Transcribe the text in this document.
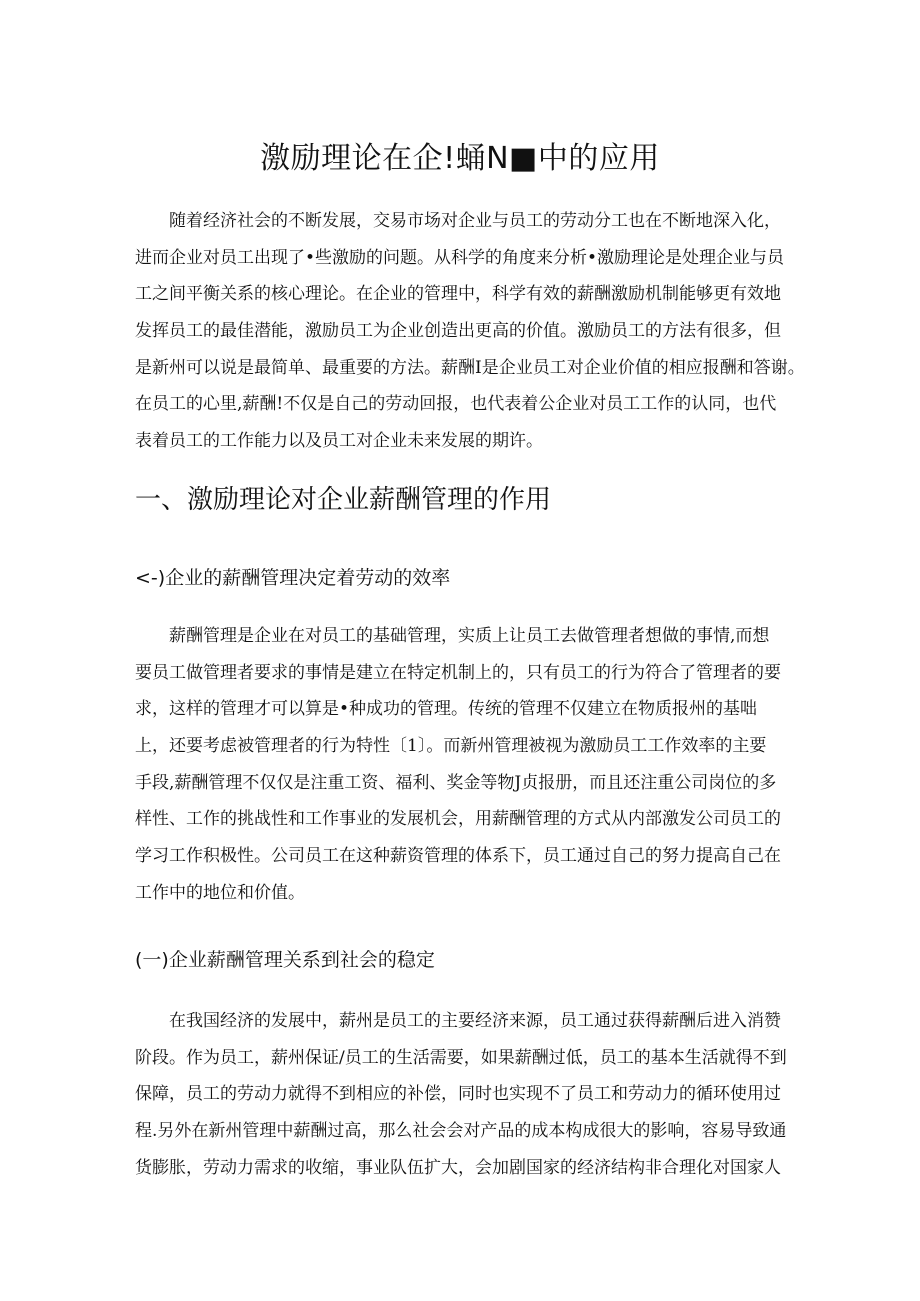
激励理论在企!蛹N■中的应用
随着经济社会的不断发展，交易市场对企业与员工的劳动分工也在不断地深入化，
进而企业对员工出现了•些激励的问题。从科学的角度来分析•激励理论是处理企业与员
工之间平衡关系的核心理论。在企业的管理中，科学有效的薪酬激励机制能够更有效地
发挥员工的最佳潜能，激励员工为企业创造出更高的价值。激励员工的方法有很多，但
是新州可以说是最简单、最重要的方法。薪酬I是企业员工对企业价值的相应报酬和答谢。
在员工的心里,薪酬!不仅是自己的劳动回报，也代表着公企业对员工工作的认同，也代
表着员工的工作能力以及员工对企业未来发展的期许。
一、激励理论对企业薪酬管理的作用
<-)企业的薪酬管理决定着劳动的效率
薪酬管理是企业在对员工的基础管理，实质上让员工去做管理者想做的事情,而想
要员工做管理者要求的事情是建立在特定机制上的，只有员工的行为符合了管理者的要
求，这样的管理才可以算是•种成功的管理。传统的管理不仅建立在物质报州的基咄
上，还要考虑被管理者的行为特性〔1〕。而新州管理被视为激励员工工作效率的主要
手段,薪酬管理不仅仅是注重工资、福利、奖金等物J贞报册，而且还注重公司岗位的多
样性、工作的挑战性和工作事业的发展机会，用薪酬管理的方式从内部激发公司员工的
学习工作积极性。公司员工在这种薪资管理的体系下，员工通过自己的努力提高自己在
工作中的地位和价值。
(一)企业薪酬管理关系到社会的稳定
在我国经济的发展中，薪州是员工的主要经济来源，员工通过获得薪酬后进入消赞
阶段。作为员工，薪州保证/员工的生活需要，如果薪酬过低，员工的基本生活就得不到
保障，员工的劳动力就得不到相应的补偿，同时也实现不了员工和劳动力的循环使用过
程.另外在新州管理中薪酬过高，那么社会会对产品的成本构成很大的影响，容易导致通
货膨胀，劳动力需求的收缩，事业队伍扩大，会加剧国家的经济结构非合理化对国家人
